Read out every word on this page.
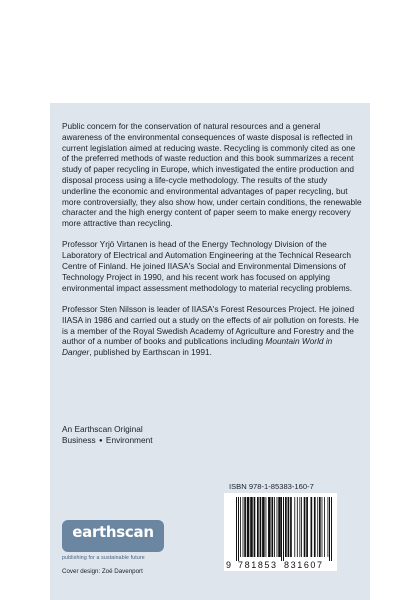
Public concern for the conservation of natural resources and a general awareness of the environmental consequences of waste disposal is reflected in current legislation aimed at reducing waste. Recycling is commonly cited as one of the preferred methods of waste reduction and this book summarizes a recent study of paper recycling in Europe, which investigated the entire production and disposal process using a life-cycle methodology. The results of the study underline the economic and environmental advantages of paper recycling, but more controversially, they also show how, under certain conditions, the renewable character and the high energy content of paper seem to make energy recovery more attractive than recycling.

Professor Yrjö Virtanen is head of the Energy Technology Division of the Laboratory of Electrical and Automation Engineering at the Technical Research Centre of Finland. He joined IIASA's Social and Environmental Dimensions of Technology Project in 1990, and his recent work has focused on applying environmental impact assessment methodology to material recycling problems.

Professor Sten Nilsson is leader of IIASA's Forest Resources Project. He joined IIASA in 1986 and carried out a study on the effects of air pollution on forests. He is a member of the Royal Swedish Academy of Agriculture and Forestry and the author of a number of books and publications including Mountain World in Danger, published by Earthscan in 1991.

An Earthscan Original
Business ● Environment
ISBN 978-1-85383-160-7
9 781853 831607
earthscan
publishing for a sustainable future
Cover design: Zoë Davenport
